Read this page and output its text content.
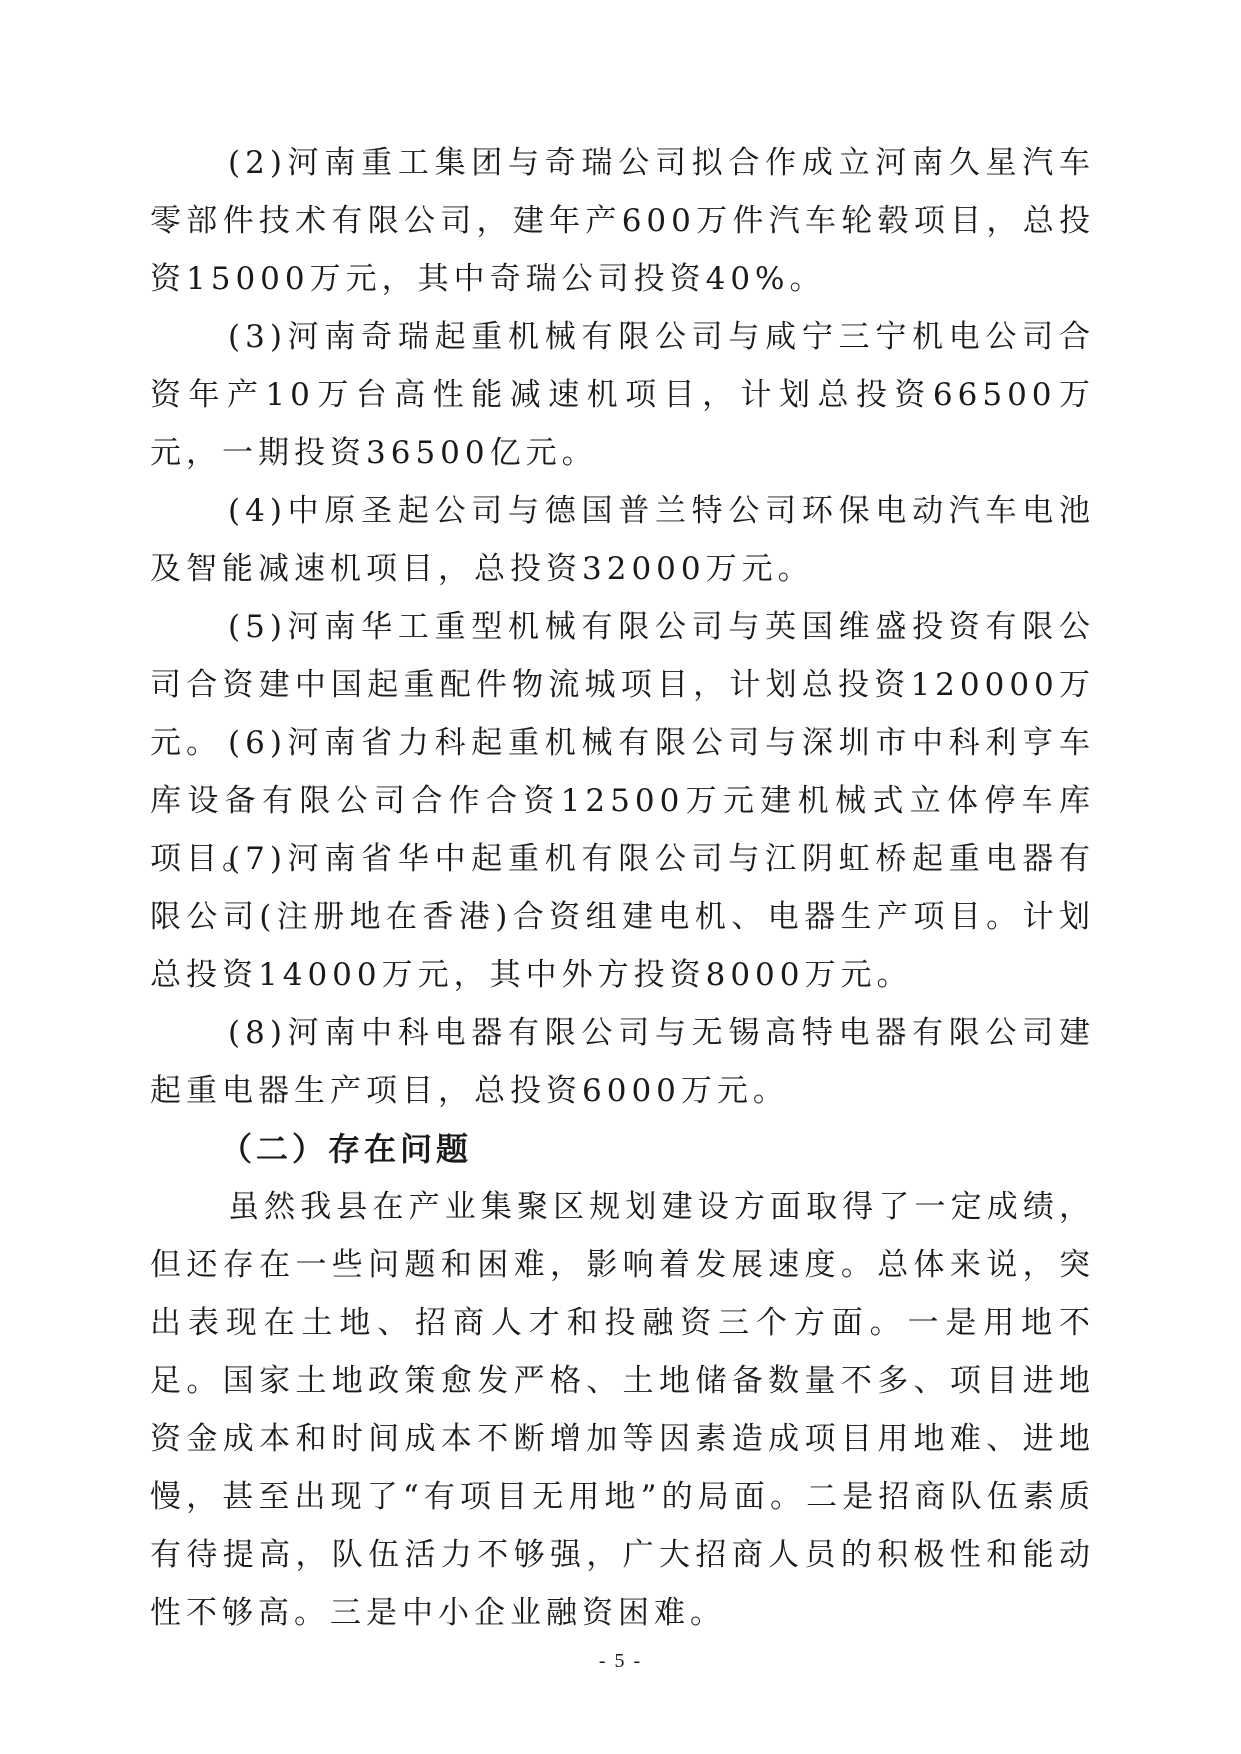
(2)河南重工集团与奇瑞公司拟合作成立河南久星汽车零部件技术有限公司，建年产600万件汽车轮毂项目，总投资15000万元，其中奇瑞公司投资40%。

(3)河南奇瑞起重机械有限公司与咸宁三宁机电公司合资年产10万台高性能减速机项目，计划总投资66500万元，一期投资36500亿元。

(4)中原圣起公司与德国普兰特公司环保电动汽车电池及智能减速机项目，总投资32000万元。

(5)河南华工重型机械有限公司与英国维盛投资有限公司合资建中国起重配件物流城项目，计划总投资120000万元。 (6)河南省力科起重机械有限公司与深圳市中科利亨车库设备有限公司合作合资12500万元建机械式立体停车库项目。

(7)河南省华中起重机有限公司与江阴虹桥起重电器有限公司(注册地在香港)合资组建电机、电器生产项目。计划总投资14000万元，其中外方投资8000万元。

(8)河南中科电器有限公司与无锡高特电器有限公司建起重电器生产项目，总投资6000万元。

（二）存在问题

虽然我县在产业集聚区规划建设方面取得了一定成绩，但还存在一些问题和困难，影响着发展速度。总体来说，突出表现在土地、招商人才和投融资三个方面。一是用地不足。国家土地政策愈发严格、土地储备数量不多、项目进地资金成本和时间成本不断增加等因素造成项目用地难、进地慢，甚至出现了“有项目无用地”的局面。二是招商队伍素质有待提高，队伍活力不够强，广大招商人员的积极性和能动性不够高。三是中小企业融资困难。

- 5 -
